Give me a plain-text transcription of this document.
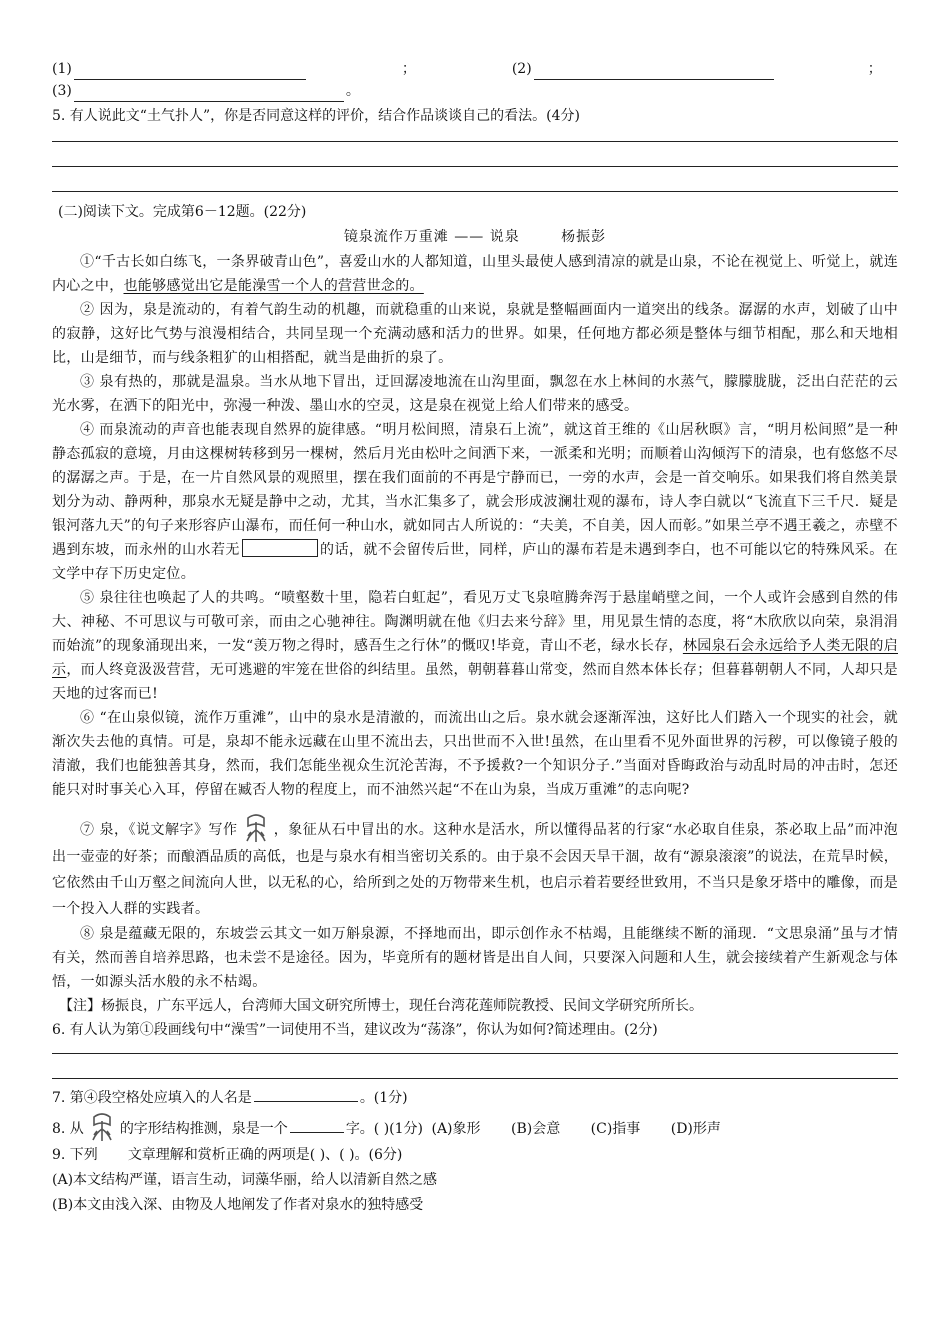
(1)	；	(2)	；
(3)	。

5. 有人说此文“土气扑人”，你是否同意这样的评价，结合作品谈谈自己的看法。(4分)

(二)阅读下文。完成第6－12题。(22分)

镜泉流作万重滩 —— 说泉	杨振彭

①“千古长如白练飞，一条界破青山色”，喜爱山水的人都知道，山里头最使人感到清凉的就是山泉，不论在视觉上、听觉上，就连内心之中，也能够感觉出它是能澡雪一个人的营营世念的。

② 因为，泉是流动的，有着气韵生动的机趣，而就稳重的山来说，泉就是整幅画面内一道突出的线条。潺潺的水声，划破了山中的寂静，这好比气势与浪漫相结合，共同呈现一个充满动感和活力的世界。如果，任何地方都必须是整体与细节相配，那么和天地相比，山是细节，而与线条粗犷的山相搭配，就当是曲折的泉了。

③ 泉有热的，那就是温泉。当水从地下冒出，迂回潺凌地流在山沟里面，飘忽在水上林间的水蒸气，朦朦胧胧，泛出白茫茫的云光水雾，在洒下的阳光中，弥漫一种泼、墨山水的空灵，这是泉在视觉上给人们带来的感受。

④ 而泉流动的声音也能表现自然界的旋律感。“明月松间照，清泉石上流”，就这首王维的《山居秋暝》言，“明月松间照”是一种静态孤寂的意境，月由这棵树转移到另一棵树，然后月光由松叶之间洒下来，一派柔和光明；而顺着山沟倾泻下的清泉，也有悠悠不尽的潺潺之声。于是，在一片自然风景的观照里，摆在我们面前的不再是宁静而已，一旁的水声，会是一首交响乐。如果我们将自然美景划分为动、静两种，那泉水无疑是静中之动，尤其，当水汇集多了，就会形成波澜壮观的瀑布，诗人李白就以“飞流直下三千尺．疑是银河落九天”的句子来形容庐山瀑布，而任何一种山水，就如同古人所说的：“夫美，不自美，因人而彰。”如果兰亭不遇王羲之，赤壁不遇到东坡，而永州的山水若无	的话，就不会留传后世，同样，庐山的瀑布若是未遇到李白，也不可能以它的特殊风采。在文学中存下历史定位。

⑤ 泉往往也唤起了人的共鸣。“喷壑数十里，隐若白虹起”，看见万丈飞泉喧腾奔泻于悬崖峭壁之间，一个人或许会感到自然的伟大、神秘、不可思议与可敬可亲，而由之心驰神往。陶渊明就在他《归去来兮辞》里，用见景生情的态度，将“木欣欣以向荣，泉涓涓而始流”的现象涌现出来，一发“羡万物之得时，感吾生之行休”的慨叹!毕竟，青山不老，绿水长存，林园泉石会永远给予人类无限的启示，而人终竟汲汲营营，无可逃避的牢笼在世俗的纠结里。虽然，朝朝暮暮山常变，然而自然本体长存；但暮暮朝朝人不同，人却只是天地的过客而已!

⑥ “在山泉似镜，流作万重滩”，山中的泉水是清澈的，而流出山之后。泉水就会逐渐浑浊，这好比人们踏入一个现实的社会，就渐次失去他的真情。可是，泉却不能永远藏在山里不流出去，只出世而不入世!虽然，在山里看不见外面世界的污秽，可以像镜子般的清澈，我们也能独善其身，然而，我们怎能坐视众生沉沦苦海，不予援救?一个知识分子.”当面对昏晦政治与动乱时局的冲击时，怎还能只对时事关心入耳，停留在臧否人物的程度上，而不油然兴起“不在山为泉，当成万重滩”的志向呢?

⑦ 泉，《说文解字》写作	，象征从石中冒出的水。这种水是活水，所以懂得品茗的行家“水必取自佳泉，茶必取上品”而冲泡出一壶壶的好茶；而酿酒品质的高低，也是与泉水有相当密切关系的。由于泉不会因天旱干涸，故有“源泉滚滚”的说法，在荒旱时候，它依然由千山万壑之间流向人世，以无私的心，给所到之处的万物带来生机，也启示着若要经世致用，不当只是象牙塔中的雕像，而是一个投入人群的实践者。

⑧ 泉是蕴藏无限的，东坡尝云其文一如万斛泉源，不择地而出，即示创作永不枯竭，且能继续不断的涌现．“文思泉涌”虽与才情有关，然而善自培养思路，也未尝不是途径。因为，毕竟所有的题材皆是出自人间，只要深入问题和人生，就会接续着产生新观念与体悟，一如源头活水般的永不枯竭。

【注】杨振良，广东平远人，台湾师大国文研究所博士，现任台湾花莲师院教授、民间文学研究所所长。

6. 有人认为第①段画线句中“澡雪”一词使用不当，建议改为“荡涤”，你认为如何?简述理由。(2分)

7. 第④段空格处应填入的人名是	。(1分)
8. 从	的字形结构推测，泉是一个	字。( )(1分) (A)象形 (B)会意 (C)指事 (D)形声
9. 下列 文章理解和赏析正确的两项是( )、( )。(6分)

(A)本文结构严谨，语言生动，词藻华丽，给人以清新自然之感

(B)本文由浅入深、由物及人地阐发了作者对泉水的独特感受
